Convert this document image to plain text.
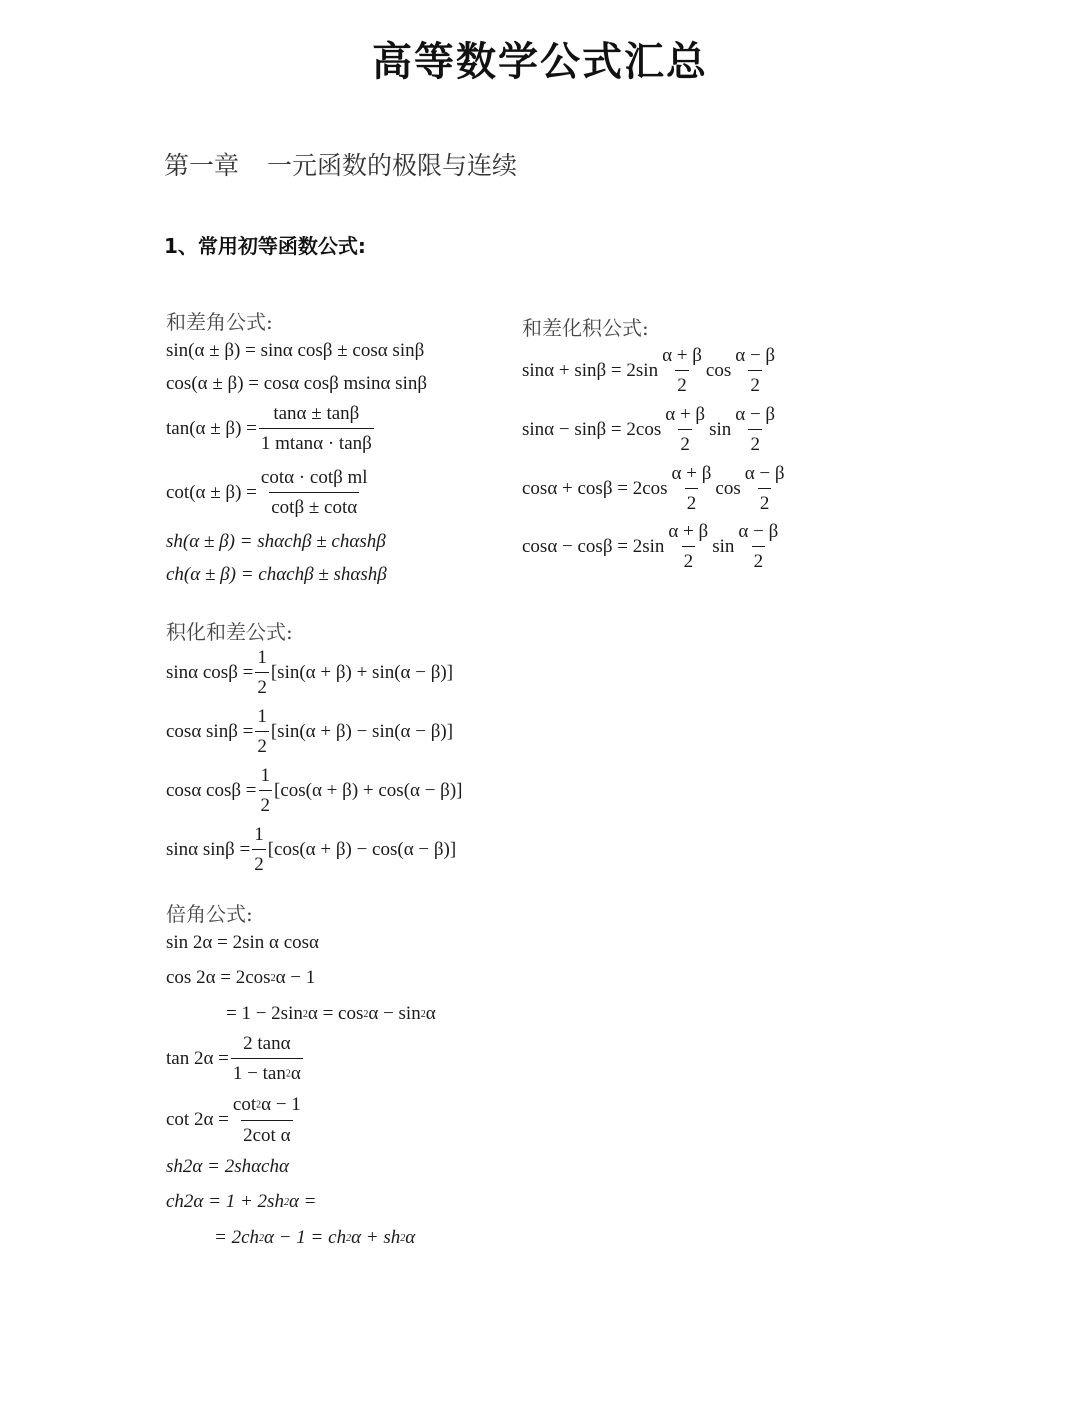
高等数学公式汇总
第一章 一元函数的极限与连续
1、常用初等函数公式:
和差角公式:
sin(α ± β) = sinα cosβ ± cosα sinβ
cos(α ± β) = cosα cosβ msinα sinβ
$\tan(\alpha \pm \beta) = \frac{\tan\alpha \pm \tan\beta}{1 mtan\alpha \cdot \tan\beta}$
$\cot(\alpha \pm \beta) = \frac{\text{cotα · cotβ ml}}{\cot\beta \pm \cot\alpha}$
sh(α ± β) = shαchβ ± chαshβ
ch(α ± β) = chαchβ ± shαshβ
和差化积公式:
$\sin\alpha + \sin\beta = 2\sin \frac{\alpha + \beta}{2}$ $\cos \frac{\alpha - \beta}{2}$
$\sin\alpha - \sin\beta = 2\cos \frac{\alpha + \beta}{2}$ $\sin \frac{\alpha - \beta}{2}$
$\cos\alpha + \cos\beta = 2\cos \frac{\alpha + \beta}{2}$ $\cos \frac{\alpha - \beta}{2}$
$\cos\alpha - \cos\beta = 2\sin \frac{\alpha + \beta}{2}$ $\sin \frac{\alpha - \beta}{2}$
积化和差公式:
sinα $\cos\beta = \frac{1}{2} [\sin(\alpha + \beta) + \sin(\alpha - \beta)]$
cosα $\sin\beta = \frac{1}{2} [\sin(\alpha + \beta) - \sin(\alpha - \beta)]$
cosα $\cos\beta = \frac{1}{2} [\cos(\alpha + \beta) + \cos(\alpha - \beta)]$
sinα $\sin\beta = \frac{1}{2} [\cos(\alpha + \beta) - \cos(\alpha - \beta)]$
倍角公式:
sin 2α = 2sin α cosα
cos 2α = 2cos2α − 1
= 1 − 2sin2α = cos2α − sin2α
$\tan 2\alpha = \frac{2 \tan\alpha}{1 - \tan 2\alpha}$
$\cot 2\alpha = \frac{\cot 2\alpha - 1}{\text{2cot α}}$
sh2α = 2shαchα
ch2α = 1 + 2sh2α =
= 2ch2α − 1 = ch2α + sh2α
